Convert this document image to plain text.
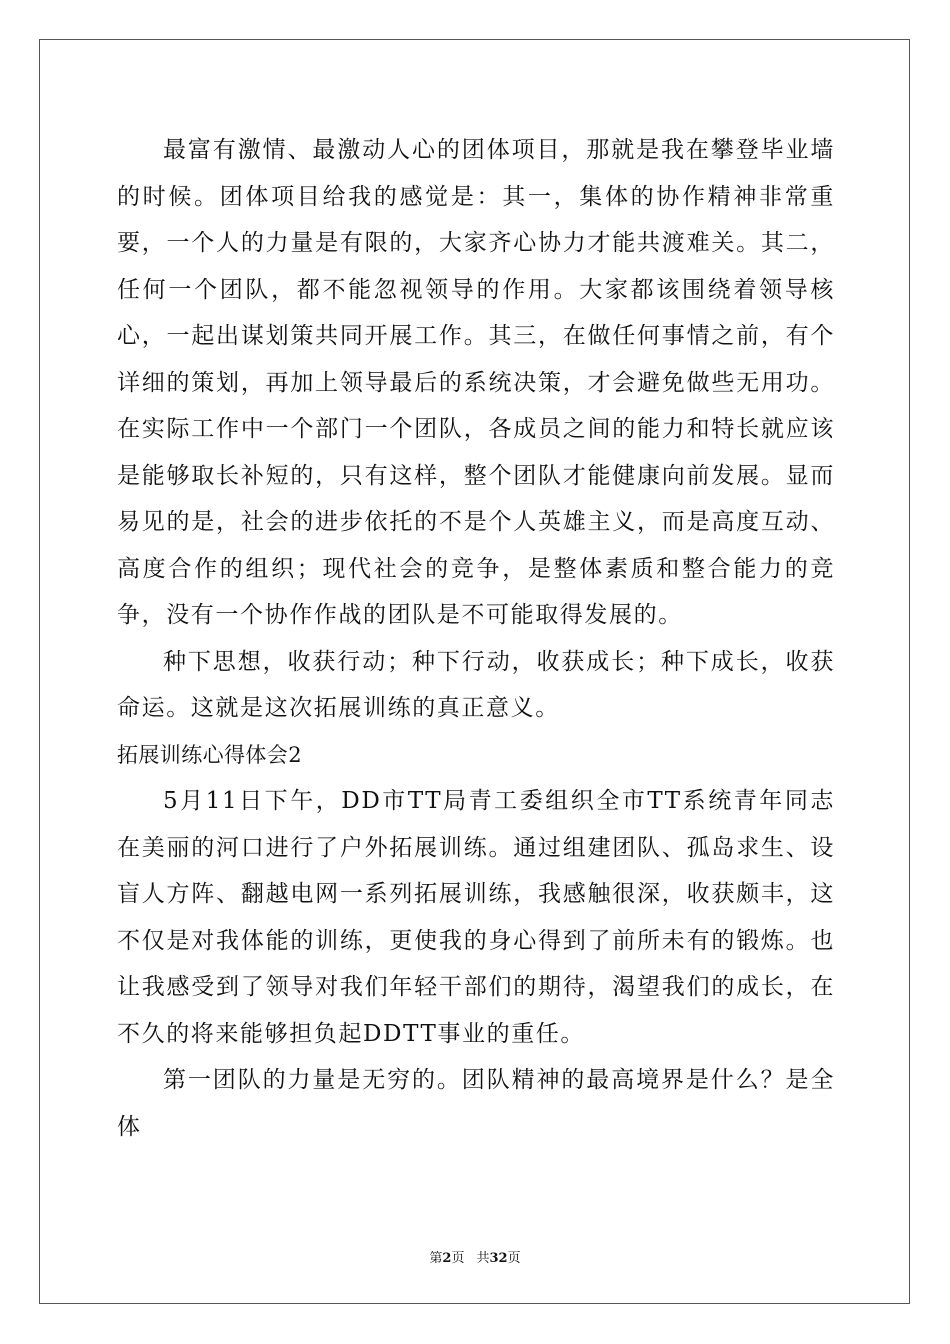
最富有激情、最激动人心的团体项目，那就是我在攀登毕业墙的时候。团体项目给我的感觉是：其一，集体的协作精神非常重要，一个人的力量是有限的，大家齐心协力才能共渡难关。其二，任何一个团队，都不能忽视领导的作用。大家都该围绕着领导核心，一起出谋划策共同开展工作。其三，在做任何事情之前，有个详细的策划，再加上领导最后的系统决策，才会避免做些无用功。在实际工作中一个部门一个团队，各成员之间的能力和特长就应该是能够取长补短的，只有这样，整个团队才能健康向前发展。显而易见的是，社会的进步依托的不是个人英雄主义，而是高度互动、高度合作的组织；现代社会的竞争，是整体素质和整合能力的竞争，没有一个协作作战的团队是不可能取得发展的。

种下思想，收获行动；种下行动，收获成长；种下成长，收获命运。这就是这次拓展训练的真正意义。

拓展训练心得体会2

5月11日下午，DD市TT局青工委组织全市TT系统青年同志在美丽的河口进行了户外拓展训练。通过组建团队、孤岛求生、设盲人方阵、翻越电网一系列拓展训练，我感触很深，收获颇丰，这不仅是对我体能的训练，更使我的身心得到了前所未有的锻炼。也让我感受到了领导对我们年轻干部们的期待，渴望我们的成长，在不久的将来能够担负起DDTT事业的重任。

第一团队的力量是无穷的。团队精神的最高境界是什么？是全体

第2页 共32页
